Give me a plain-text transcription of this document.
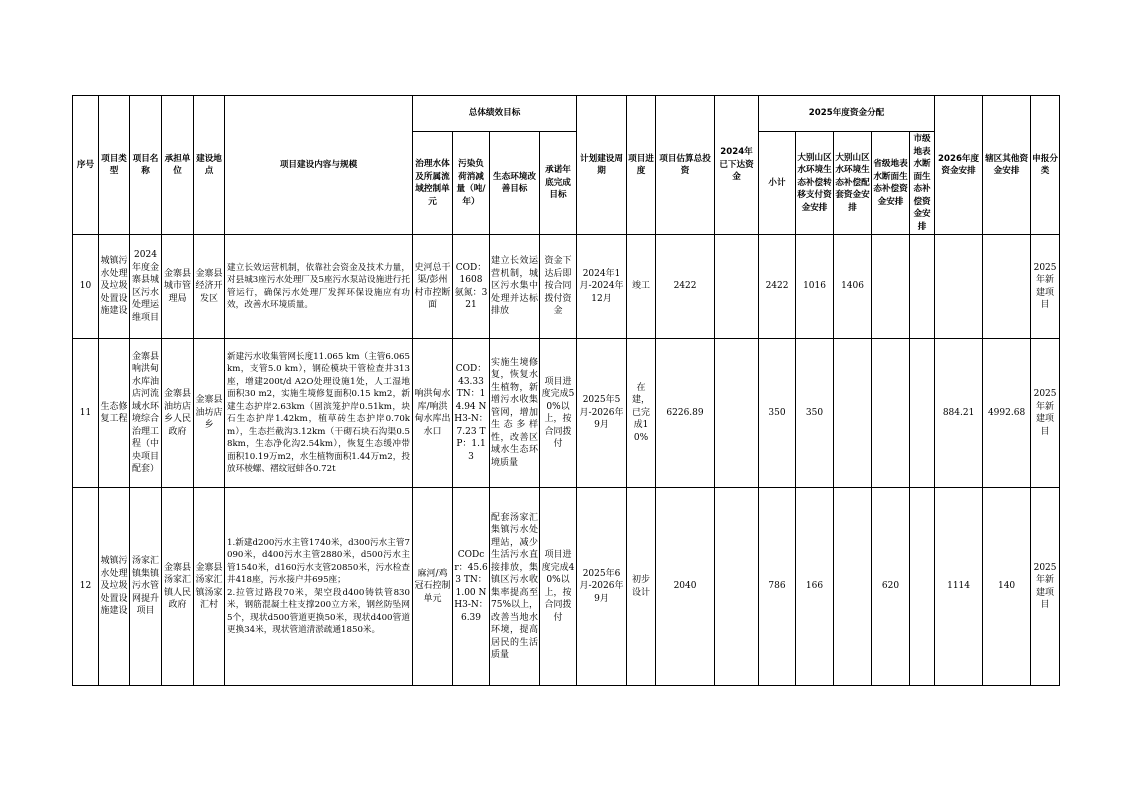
序号	项目类型	项目名称	承担单位	建设地点	项目建设内容与规模	总体绩效目标				计划建设周期	项目进度	项目估算总投资	2024年已下达资金	2025年度资金分配					2026年度资金安排	辖区其他资金安排	申报分类
						治理水体及所属流域控制单元	污染负荷消减量（吨/年）	生态环境改善目标	承诺年底完成目标					小计	大别山区水环境生态补偿转移支付资金安排	大别山区水环境生态补偿配套资金安排	省级地表水断面生态补偿资金安排	市级地表水断面生态补偿资金安排			
10	城镇污水处理及垃圾处置设施建设	2024年度金寨县城区污水处理运维项目	金寨县城市管理局	金寨县经济开发区	建立长效运营机制，依靠社会资金及技术力量，对县城3座污水处理厂及5座污水泵站设施进行托管运行，确保污水处理厂发挥环保设施应有功效，改善水环境质量。	史河总干渠/彭州村市控断面	COD：1608 氨氮：321	建立长效运营机制，城区污水集中处理并达标排放	资金下达后即按合同拨付资金	2024年1月-2024年12月	竣工	2422		2422	1016	1406					2025年新建项目
11	生态修复工程	金寨县响洪甸水库油店河流域水环境综合治理工程（中央项目配套）	金寨县油坊店乡人民政府	金寨县油坊店乡	新建污水收集管网长度11.065 km（主管6.065 km，支管5.0 km），钢砼模块干管检查井313座，增建200t/d A2O处理设施1处，人工湿地面积30 m2，实施生境修复面积0.15 km2，新建生态护岸2.63km（固滨笼护岸0.51km，块石生态护岸1.42km，植草砖生态护岸0.70km），生态拦截沟3.12km（干砌石块石沟渠0.58km，生态净化沟2.54km），恢复生态缓冲带面积10.19万m2，水生植物面积1.44万m2，投放环棱螺、褶纹冠蚌各0.72t	响洪甸水库/响洪甸水库出水口	COD：43.33 TN：14.94 NH3-N：7.23 TP：1.13	实施生境修复，恢复水生植物，新增污水收集管网，增加生态多样性，改善区域水生态环境质量	项目进度完成50%以上，按合同拨付	2025年5月-2026年9月	在建，已完成10%	6226.89		350	350				884.21	4992.68	2025年新建项目
12	城镇污水处理及垃圾处置设施建设	汤家汇镇集镇污水管网提升项目	金寨县汤家汇镇人民政府	金寨县汤家汇镇汤家汇村	1.新建d200污水主管1740米，d300污水主管7090米，d400污水主管2880米，d500污水主管1540米，d160污水支管20850米，污水检查井418座，污水接户井695座；
2.拉管过路段70米，架空段d400铸铁管830米，钢筋混凝土柱支撑200立方米，钢丝防坠网5个，现状d500管道更换50米，现状d400管道更换34米，现状管道清淤疏通1850米。	麻河/鸡冠石控制单元	CODcr：45.63 TN：1.00 NH3-N：6.39	配套汤家汇集镇污水处理站，减少生活污水直接排放，集镇区污水收集率提高至75%以上，改善当地水环境，提高居民的生活质量	项目进度完成40%以上，按合同拨付	2025年6月-2026年9月	初步设计	2040		786	166		620		1114	140	2025年新建项目
